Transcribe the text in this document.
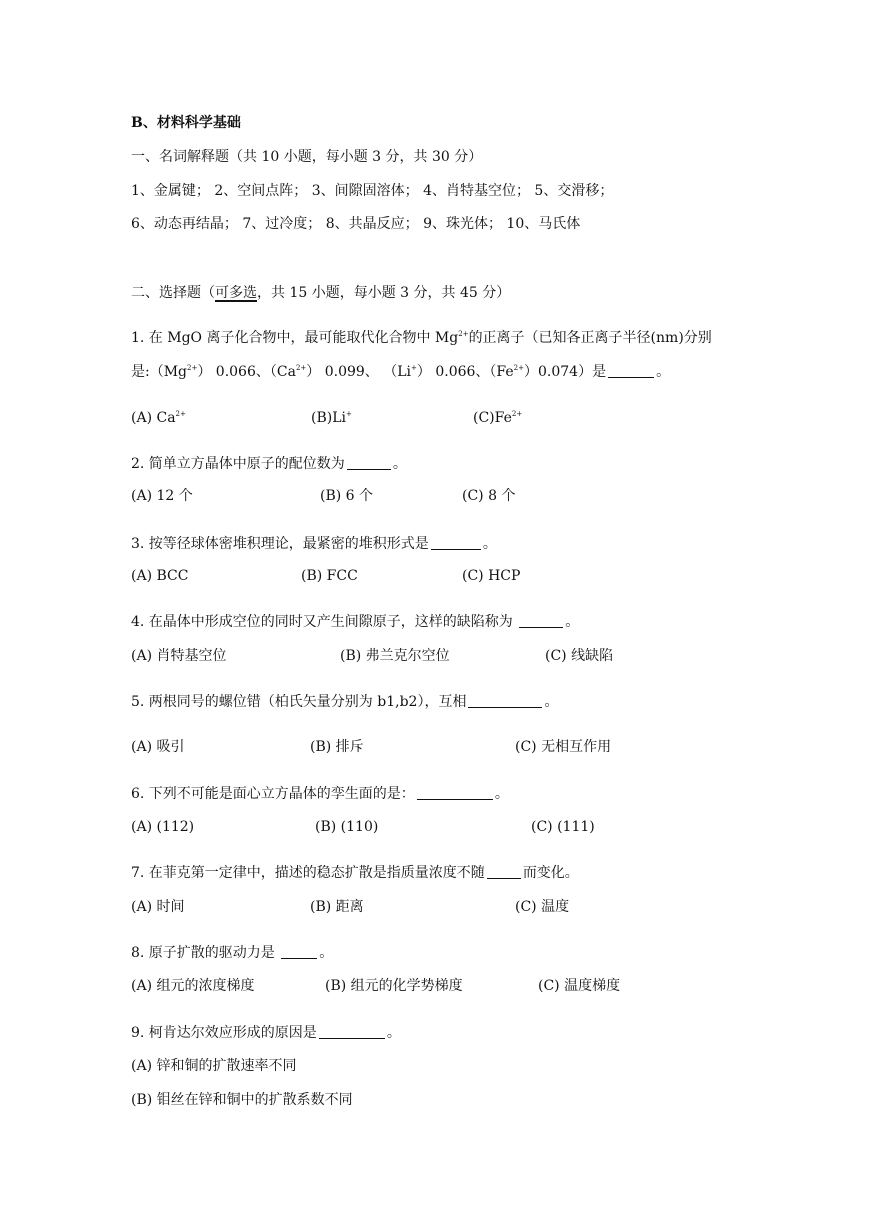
B、材料科学基础
一、名词解释题（共 10 小题，每小题 3 分，共 30 分）
1、金属键； 2、空间点阵； 3、间隙固溶体； 4、肖特基空位； 5、交滑移；
6、动态再结晶； 7、过冷度； 8、共晶反应； 9、珠光体； 10、马氏体
二、选择题（可多选，共 15 小题，每小题 3 分，共 45 分）
1. 在 MgO 离子化合物中，最可能取代化合物中 $Mg^{2+}$的正离子（已知各正离子半径(nm)分别
是$:(Mg^{2+})$ 0.066、$(Ca^{2+})$ 0.099、 （Li+） 0.066、$(Fe^{2+})0.074$）是	。
(A) $Ca^{2+}$	(B)Li+	$(C)Fe^{2+}$
2. 简单立方晶体中原子的配位数为	。
(A) 12 个	(B) 6 个	(C) 8 个
3. 按等径球体密堆积理论，最紧密的堆积形式是	。
(A) BCC	(B) FCC	(C) HCP
4. 在晶体中形成空位的同时又产生间隙原子，这样的缺陷称为	。
(A) 肖特基空位	(B) 弗兰克尔空位	(C) 线缺陷
5. 两根同号的螺位错（柏氏矢量分别为 b1,b2），互相	。
(A) 吸引	(B) 排斥	(C) 无相互作用
6. 下列不可能是面心立方晶体的孪生面的是：	。
(A) (112)	(B) (110)	(C) (111)
7. 在菲克第一定律中，描述的稳态扩散是指质量浓度不随	而变化。
(A) 时间	(B) 距离	(C) 温度
8. 原子扩散的驱动力是	。
(A) 组元的浓度梯度	(B) 组元的化学势梯度	(C) 温度梯度
9. 柯肯达尔效应形成的原因是	。
(A) 锌和铜的扩散速率不同
(B) 钼丝在锌和铜中的扩散系数不同
